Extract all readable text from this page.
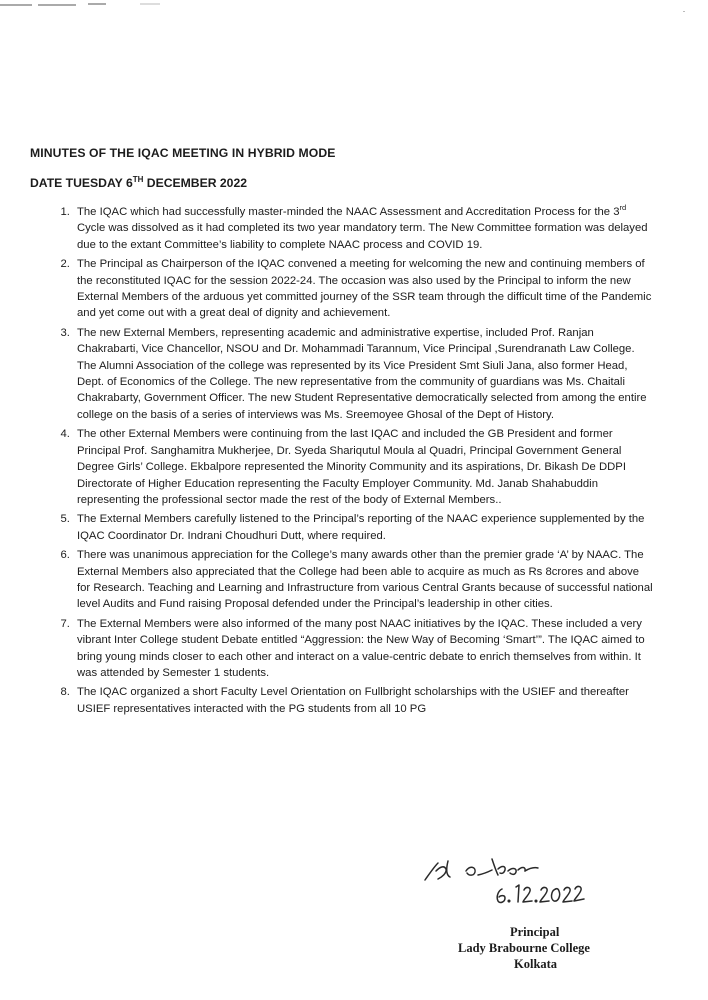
MINUTES OF THE IQAC MEETING IN HYBRID MODE
DATE TUESDAY 6TH DECEMBER 2022
1. The IQAC which had successfully master-minded the NAAC Assessment and Accreditation Process for the 3rd Cycle was dissolved as it had completed its two year mandatory term. The New Committee formation was delayed due to the extant Committee’s liability to complete NAAC process and COVID 19.
2. The Principal as Chairperson of the IQAC convened a meeting for welcoming the new and continuing members of the reconstituted IQAC for the session 2022-24. The occasion was also used by the Principal to inform the new External Members of the arduous yet committed journey of the SSR team through the difficult time of the Pandemic and yet come out with a great deal of dignity and achievement.
3. The new External Members, representing academic and administrative expertise, included Prof. Ranjan Chakrabarti, Vice Chancellor, NSOU and Dr. Mohammadi Tarannum, Vice Principal ,Surendranath Law College. The Alumni Association of the college was represented by its Vice President Smt Siuli Jana, also former Head, Dept. of Economics of the College. The new representative from the community of guardians was Ms. Chaitali Chakrabarty, Government Officer. The new Student Representative democratically selected from among the entire college on the basis of a series of interviews was Ms. Sreemoyee Ghosal of the Dept of History.
4. The other External Members were continuing from the last IQAC and included the GB President and former Principal Prof. Sanghamitra Mukherjee, Dr. Syeda Shariqutul Moula al Quadri, Principal Government General Degree Girls’ College. Ekbalpore represented the Minority Community and its aspirations, Dr. Bikash De DDPI Directorate of Higher Education representing the Faculty Employer Community. Md. Janab Shahabuddin representing the professional sector made the rest of the body of External Members..
5. The External Members carefully listened to the Principal’s reporting of the NAAC experience supplemented by the IQAC Coordinator Dr. Indrani Choudhuri Dutt, where required.
6. There was unanimous appreciation for the College’s many awards other than the premier grade ‘A’ by NAAC. The External Members also appreciated that the College had been able to acquire as much as Rs 8crores and above for Research. Teaching and Learning and Infrastructure from various Central Grants because of successful national level Audits and Fund raising Proposal defended under the Principal’s leadership in other cities.
7. The External Members were also informed of the many post NAAC initiatives by the IQAC. These included a very vibrant Inter College student Debate entitled “Aggression: the New Way of Becoming ‘Smart’”. The IQAC aimed to bring young minds closer to each other and interact on a value-centric debate to enrich themselves from within. It was attended by Semester 1 students.
8. The IQAC organized a short Faculty Level Orientation on Fullbright scholarships with the USIEF and thereafter USIEF representatives interacted with the PG students from all 10 PG
Principal
Lady Brabourne College
Kolkata
